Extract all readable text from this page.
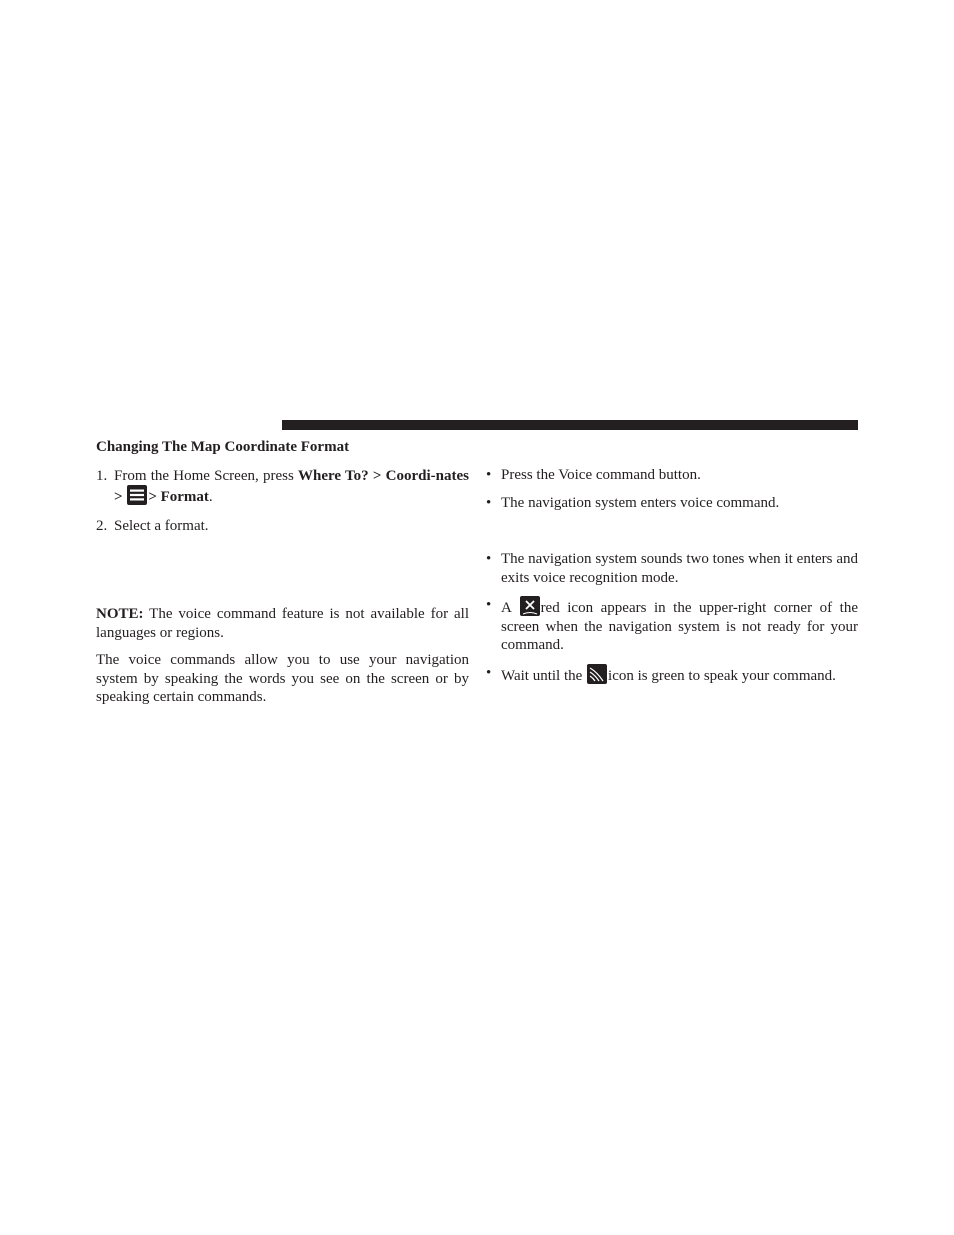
Changing The Map Coordinate Format

1. From the Home Screen, press Where To? > Coordi-nates >
> Format.

2. Select a format.

NOTE: The voice command feature is not available for all languages or regions.

The voice commands allow you to use your navigation system by speaking the words you see on the screen or by speaking certain commands.

• Press the Voice command button.

• The navigation system enters voice command.

• The navigation system sounds two tones when it enters and exits voice recognition mode.

• A
red icon appears in the upper-right corner of the screen when the navigation system is not ready for your command.

• Wait until the
icon is green to speak your command.
